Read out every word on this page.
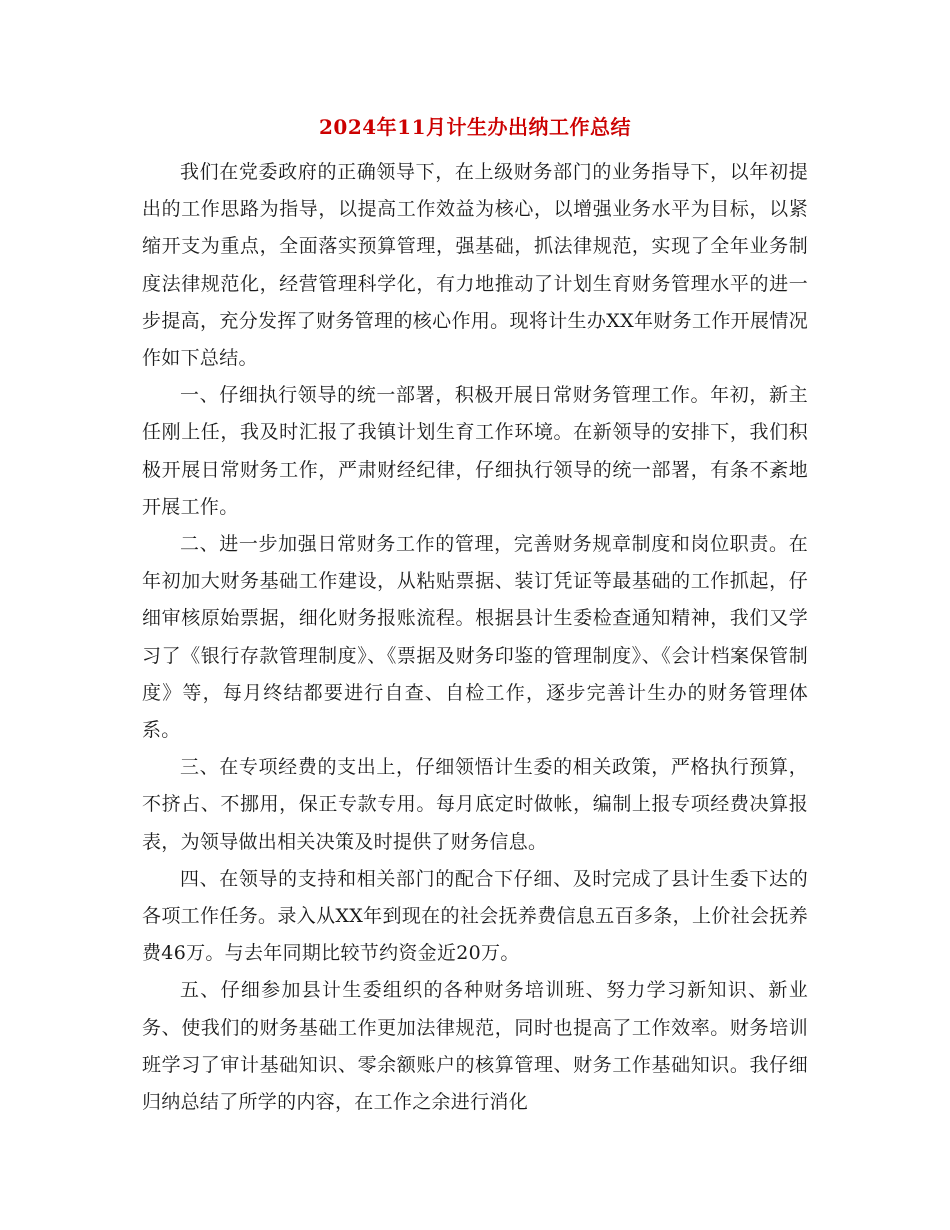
2024年11月计生办出纳工作总结

我们在党委政府的正确领导下，在上级财务部门的业务指导下，以年初提出的工作思路为指导，以提高工作效益为核心，以增强业务水平为目标，以紧缩开支为重点，全面落实预算管理，强基础，抓法律规范，实现了全年业务制度法律规范化，经营管理科学化，有力地推动了计划生育财务管理水平的进一步提高，充分发挥了财务管理的核心作用。现将计生办XX年财务工作开展情况作如下总结。

一、仔细执行领导的统一部署，积极开展日常财务管理工作。年初，新主任刚上任，我及时汇报了我镇计划生育工作环境。在新领导的安排下，我们积极开展日常财务工作，严肃财经纪律，仔细执行领导的统一部署，有条不紊地开展工作。

二、进一步加强日常财务工作的管理，完善财务规章制度和岗位职责。在年初加大财务基础工作建设，从粘贴票据、装订凭证等最基础的工作抓起，仔细审核原始票据，细化财务报账流程。根据县计生委检查通知精神，我们又学习了《银行存款管理制度》、《票据及财务印鉴的管理制度》、《会计档案保管制度》等，每月终结都要进行自查、自检工作，逐步完善计生办的财务管理体系。

三、在专项经费的支出上，仔细领悟计生委的相关政策，严格执行预算，不挤占、不挪用，保正专款专用。每月底定时做帐，编制上报专项经费决算报表，为领导做出相关决策及时提供了财务信息。

四、在领导的支持和相关部门的配合下仔细、及时完成了县计生委下达的各项工作任务。录入从XX年到现在的社会抚养费信息五百多条，上价社会抚养费46万。与去年同期比较节约资金近20万。

五、仔细参加县计生委组织的各种财务培训班、努力学习新知识、新业务、使我们的财务基础工作更加法律规范，同时也提高了工作效率。财务培训班学习了审计基础知识、零余额账户的核算管理、财务工作基础知识。我仔细归纳总结了所学的内容，在工作之余进行消化
